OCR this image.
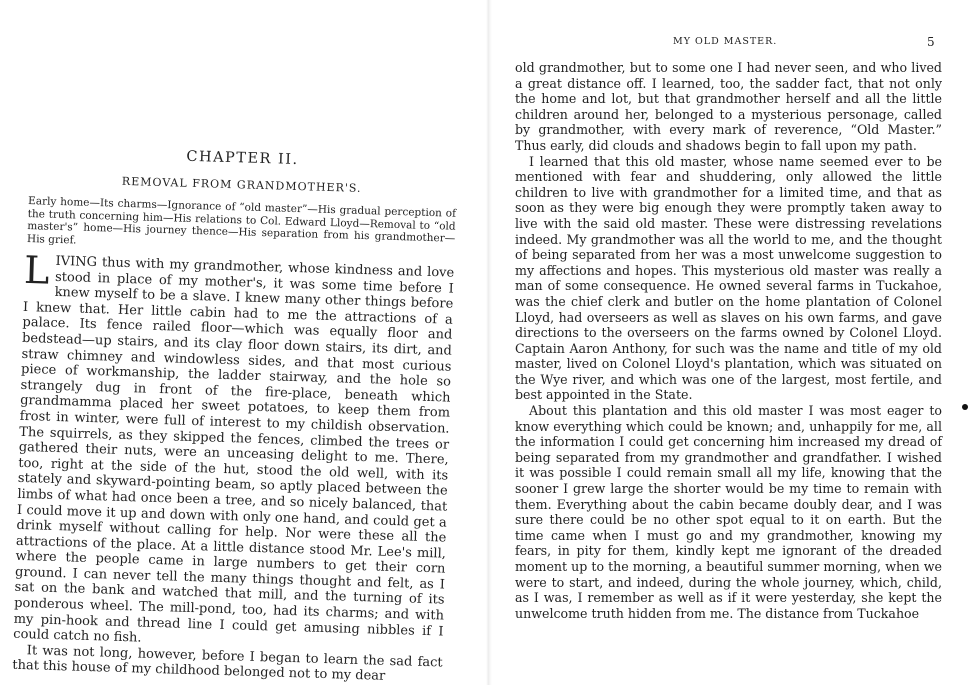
CHAPTER II.
REMOVAL FROM GRANDMOTHER'S.
Early home—Its charms—Ignorance of “old master”—His gradual perception of the truth concerning him—His relations to Col. Edward Lloyd—Removal to “old master's” home—His journey thence—His separation from his grandmother—His grief.

LIVING thus with my grandmother, whose kindness and love stood in place of my mother's, it was some time before I knew myself to be a slave. I knew many other things before I knew that. Her little cabin had to me the attractions of a palace. Its fence railed floor—which was equally floor and bedstead—up stairs, and its clay floor down stairs, its dirt, and straw chimney and windowless sides, and that most curious piece of workmanship, the ladder stairway, and the hole so strangely dug in front of the fire-place, beneath which grandmamma placed her sweet potatoes, to keep them from frost in winter, were full of interest to my childish observation. The squirrels, as they skipped the fences, climbed the trees or gathered their nuts, were an unceasing delight to me. There, too, right at the side of the hut, stood the old well, with its stately and skyward-pointing beam, so aptly placed between the limbs of what had once been a tree, and so nicely balanced, that I could move it up and down with only one hand, and could get a drink myself without calling for help. Nor were these all the attractions of the place. At a little distance stood Mr. Lee's mill, where the people came in large numbers to get their corn ground. I can never tell the many things thought and felt, as I sat on the bank and watched that mill, and the turning of its ponderous wheel. The mill-pond, too, had its charms; and with my pin-hook and thread line I could get amusing nibbles if I could catch no fish.

It was not long, however, before I began to learn the sad fact that this house of my childhood belonged not to my dear

MY OLD MASTER.	5

old grandmother, but to some one I had never seen, and who lived a great distance off. I learned, too, the sadder fact, that not only the home and lot, but that grandmother herself and all the little children around her, belonged to a mysterious personage, called by grandmother, with every mark of reverence, “Old Master.” Thus early, did clouds and shadows begin to fall upon my path.

I learned that this old master, whose name seemed ever to be mentioned with fear and shuddering, only allowed the little children to live with grandmother for a limited time, and that as soon as they were big enough they were promptly taken away to live with the said old master. These were distressing revelations indeed. My grandmother was all the world to me, and the thought of being separated from her was a most unwelcome suggestion to my affections and hopes. This mysterious old master was really a man of some consequence. He owned several farms in Tuckahoe, was the chief clerk and butler on the home plantation of Colonel Lloyd, had overseers as well as slaves on his own farms, and gave directions to the overseers on the farms owned by Colonel Lloyd. Captain Aaron Anthony, for such was the name and title of my old master, lived on Colonel Lloyd's plantation, which was situated on the Wye river, and which was one of the largest, most fertile, and best appointed in the State.

About this plantation and this old master I was most eager to know everything which could be known; and, unhappily for me, all the information I could get concerning him increased my dread of being separated from my grandmother and grandfather. I wished it was possible I could remain small all my life, knowing that the sooner I grew large the shorter would be my time to remain with them. Everything about the cabin became doubly dear, and I was sure there could be no other spot equal to it on earth. But the time came when I must go and my grandmother, knowing my fears, in pity for them, kindly kept me ignorant of the dreaded moment up to the morning, a beautiful summer morning, when we were to start, and indeed, during the whole journey, which, child, as I was, I remember as well as if it were yesterday, she kept the unwelcome truth hidden from me. The distance from Tuckahoe
